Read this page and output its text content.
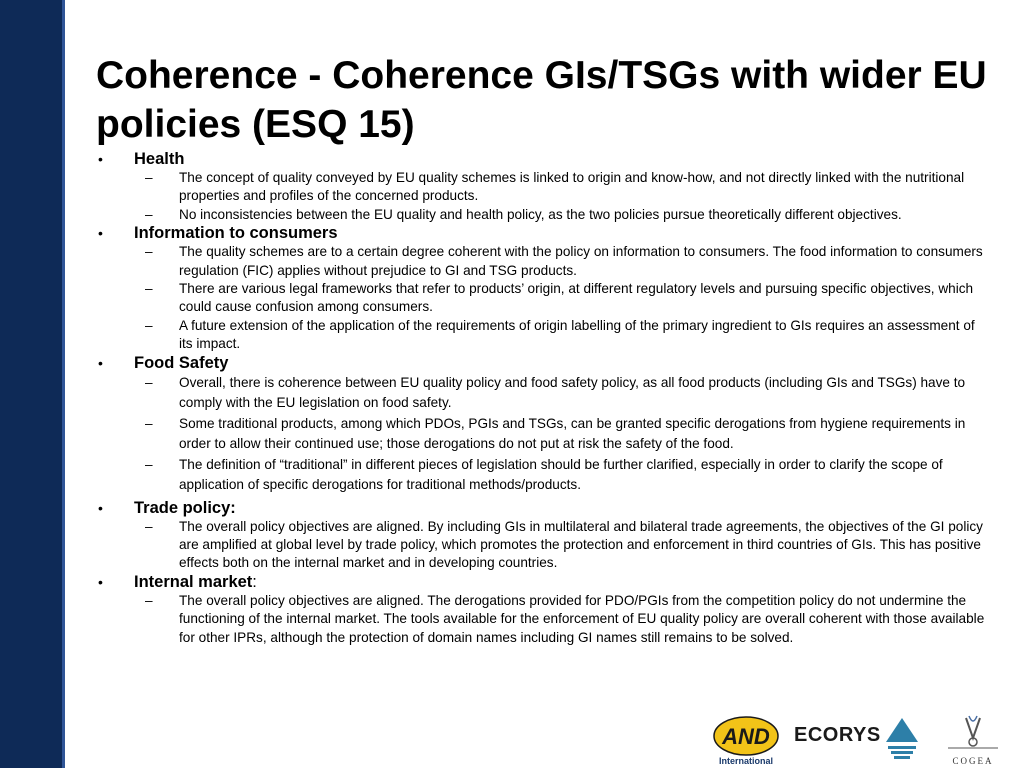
Coherence - Coherence GIs/TSGs with wider EU policies (ESQ 15)
• Health
– The concept of quality conveyed by EU quality schemes is linked to origin and know-how, and not directly linked with the nutritional properties and profiles of the concerned products.
– No inconsistencies between the EU quality and health policy, as the two policies pursue theoretically different objectives.
• Information to consumers
– The quality schemes are to a certain degree coherent with the policy on information to consumers. The food information to consumers regulation (FIC) applies without prejudice to GI and TSG products.
– There are various legal frameworks that refer to products’ origin, at different regulatory levels and pursuing specific objectives, which could cause confusion among consumers.
– A future extension of the application of the requirements of origin labelling of the primary ingredient to GIs requires an assessment of its impact.
• Food Safety
– Overall, there is coherence between EU quality policy and food safety policy, as all food products (including GIs and TSGs) have to comply with the EU legislation on food safety.
– Some traditional products, among which PDOs, PGIs and TSGs, can be granted specific derogations from hygiene requirements in order to allow their continued use; those derogations do not put at risk the safety of the food.
– The definition of “traditional” in different pieces of legislation should be further clarified, especially in order to clarify the scope of application of specific derogations for traditional methods/products.
• Trade policy:
– The overall policy objectives are aligned. By including GIs in multilateral and bilateral trade agreements, the objectives of the GI policy are amplified at global level by trade policy, which promotes the protection and enforcement in third countries of GIs. This has positive effects both on the internal market and in developing countries.
• Internal market:
– The overall policy objectives are aligned. The derogations provided for PDO/PGIs from the competition policy do not undermine the functioning of the internal market. The tools available for the enforcement of EU quality policy are overall coherent with those available for other IPRs, although the protection of domain names including GI names still remains to be solved.
AND
International
ECORYS
COGEA
